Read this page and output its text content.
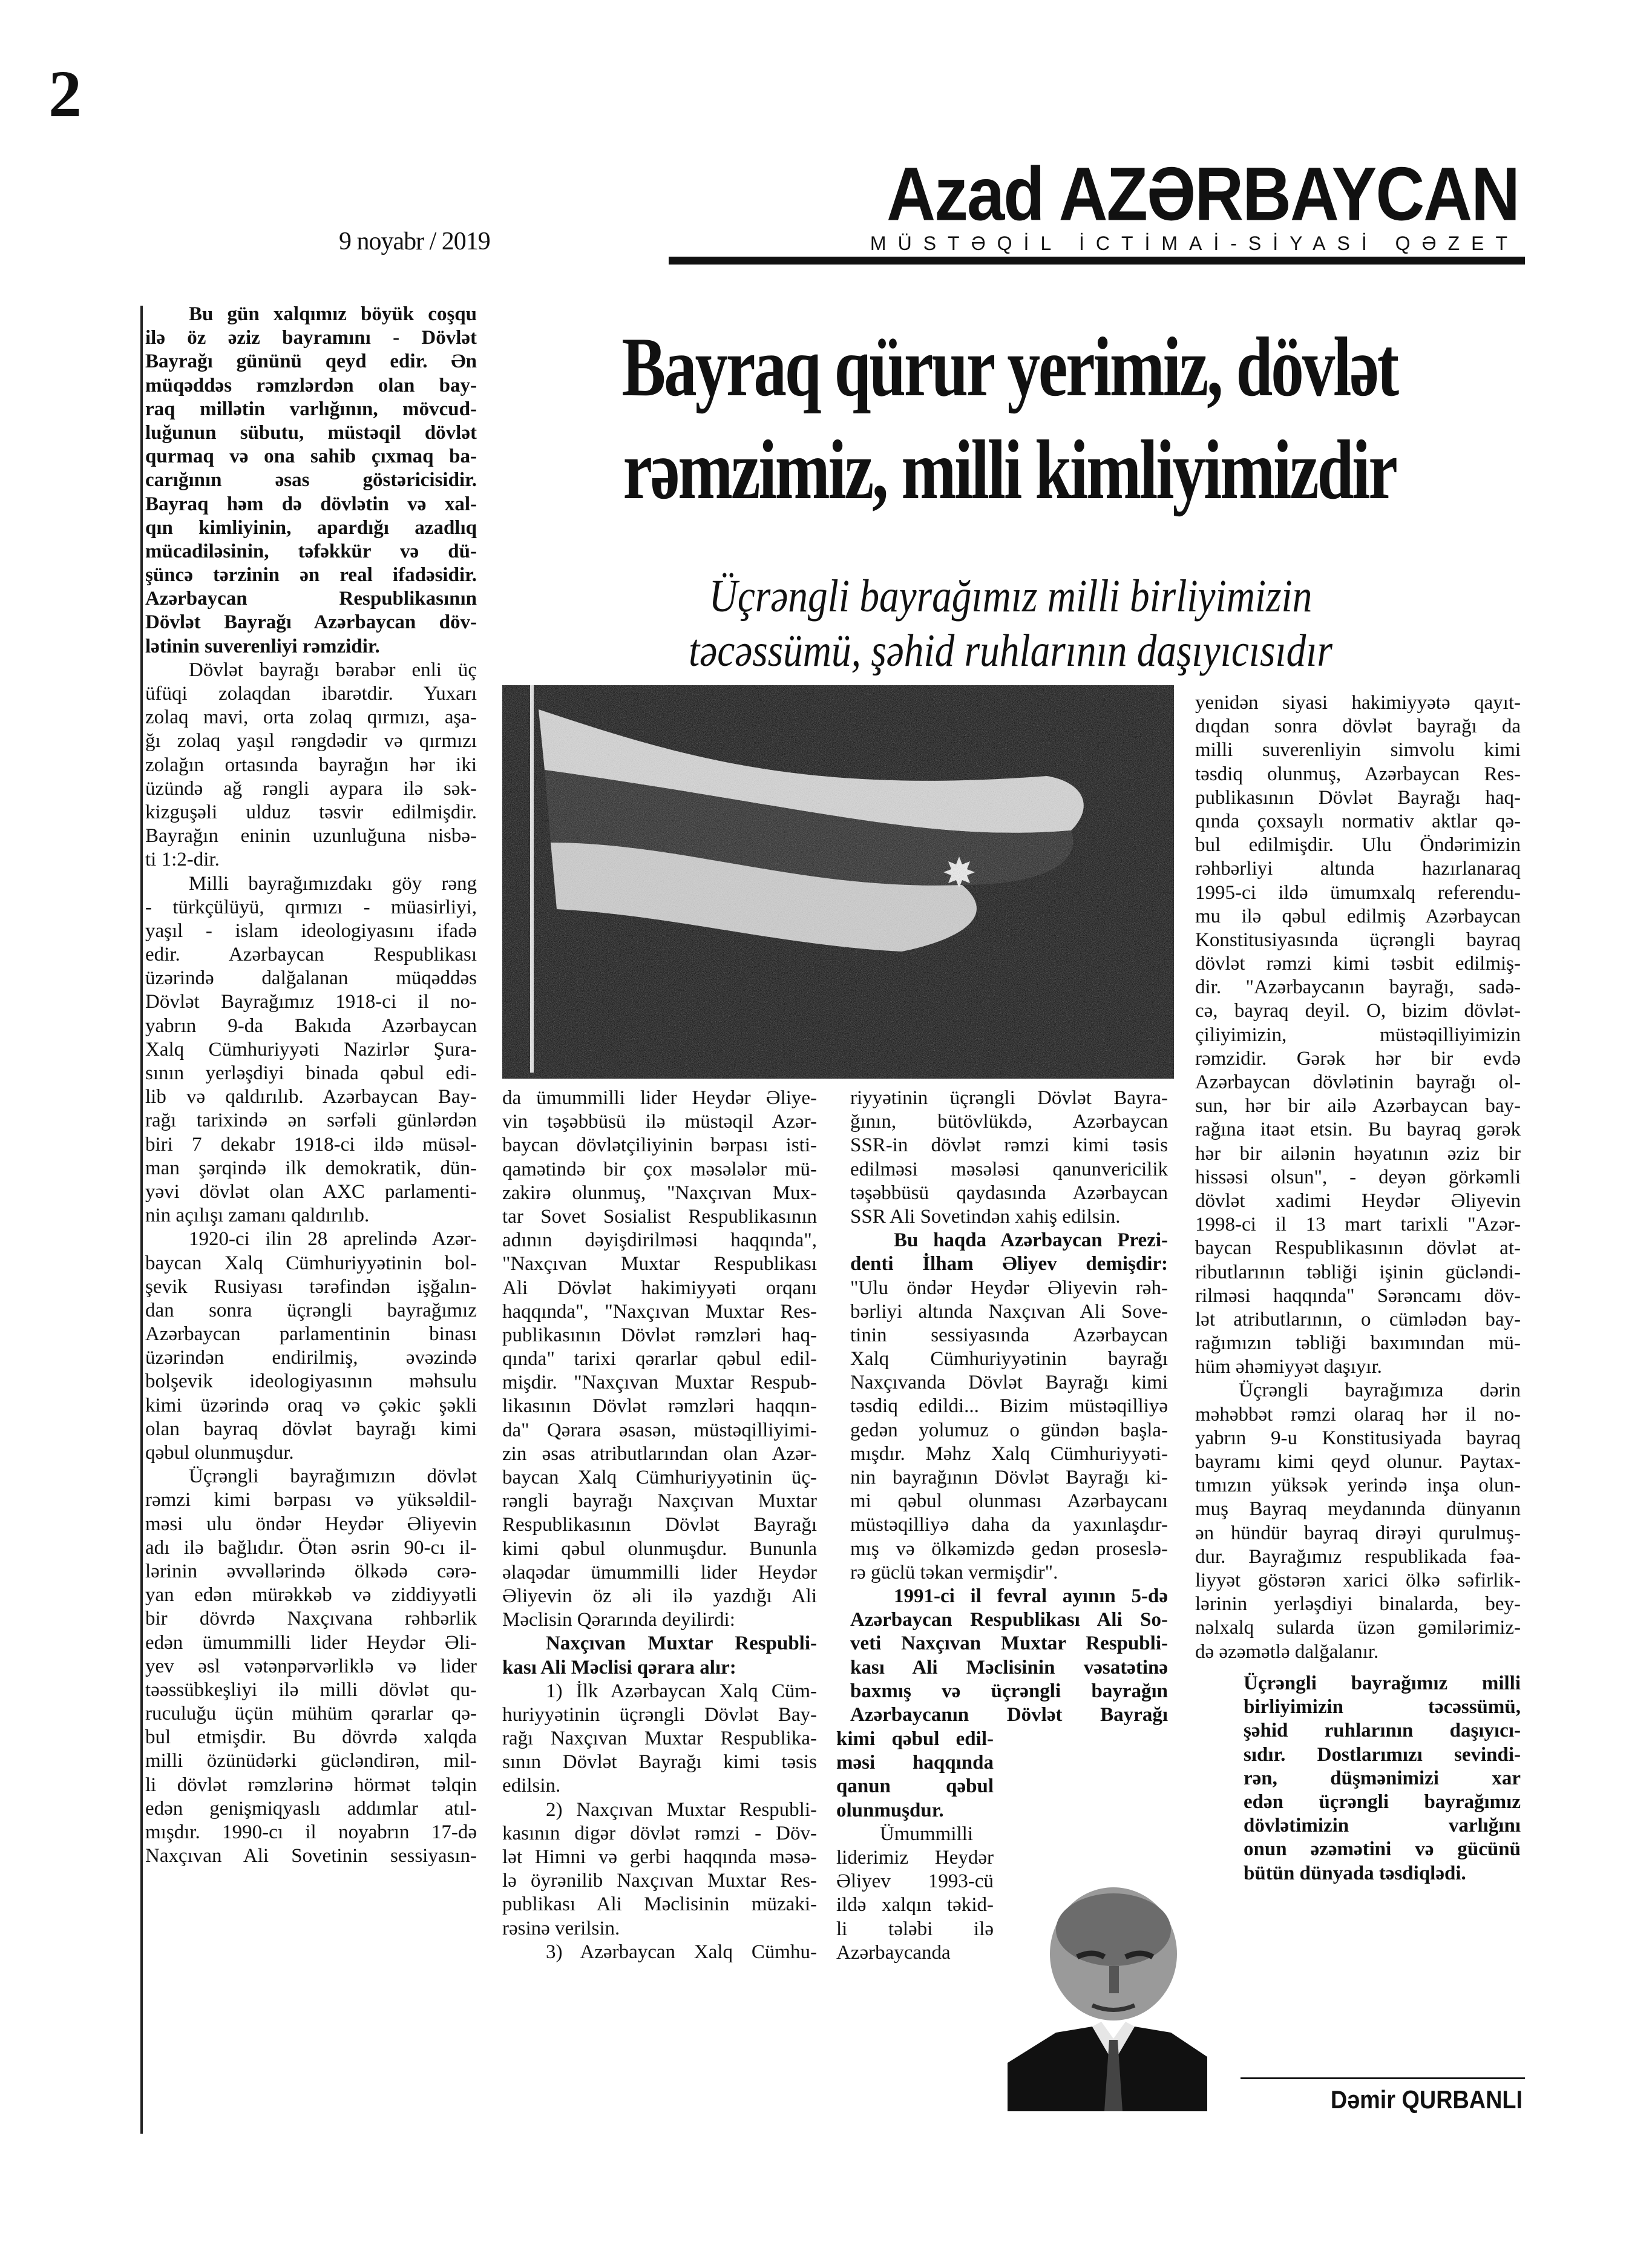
2
Azad AZƏRBAYCAN
MÜSTƏQİL İCTİMAİ-SİYASİ QƏZET
9 noyabr / 2019
Bu gün xalqımız böyük coşqu
ilə öz əziz bayramını - Dövlət
Bayrağı gününü qeyd edir. Ən
müqəddəs rəmzlərdən olan bay-
raq millətin varlığının, mövcud-
luğunun sübutu, müstəqil dövlət
qurmaq və ona sahib çıxmaq ba-
carığının əsas göstəricisidir.
Bayraq həm də dövlətin və xal-
qın kimliyinin, apardığı azadlıq
mücadiləsinin, təfəkkür və dü-
şüncə tərzinin ən real ifadəsidir.
Azərbaycan Respublikasının
Dövlət Bayrağı Azərbaycan döv-
lətinin suverenliyi rəmzidir.
Dövlət bayrağı bərabər enli üç
üfüqi zolaqdan ibarətdir. Yuxarı
zolaq mavi, orta zolaq qırmızı, aşa-
ğı zolaq yaşıl rəngdədir və qırmızı
zolağın ortasında bayrağın hər iki
üzündə ağ rəngli aypara ilə sək-
kizguşəli ulduz təsvir edilmişdir.
Bayrağın eninin uzunluğuna nisbə-
ti 1:2-dir.
Milli bayrağımızdakı göy rəng
- türkçülüyü, qırmızı - müasirliyi,
yaşıl - islam ideologiyasını ifadə
edir. Azərbaycan Respublikası
üzərində dalğalanan müqəddəs
Dövlət Bayrağımız 1918-ci il no-
yabrın 9-da Bakıda Azərbaycan
Xalq Cümhuriyyəti Nazirlər Şura-
sının yerləşdiyi binada qəbul edi-
lib və qaldırılıb. Azərbaycan Bay-
rağı tarixində ən sərfəli günlərdən
biri 7 dekabr 1918-ci ildə müsəl-
man şərqində ilk demokratik, dün-
yəvi dövlət olan AXC parlamenti-
nin açılışı zamanı qaldırılıb.
1920-ci ilin 28 aprelində Azər-
baycan Xalq Cümhuriyyətinin bol-
şevik Rusiyası tərəfindən işğalın-
dan sonra üçrəngli bayrağımız
Azərbaycan parlamentinin binası
üzərindən endirilmiş, əvəzində
bolşevik ideologiyasının məhsulu
kimi üzərində oraq və çəkic şəkli
olan bayraq dövlət bayrağı kimi
qəbul olunmuşdur.
Üçrəngli bayrağımızın dövlət
rəmzi kimi bərpası və yüksəldil-
məsi ulu öndər Heydər Əliyevin
adı ilə bağlıdır. Ötən əsrin 90-cı il-
lərinin əvvəllərində ölkədə cərə-
yan edən mürəkkəb və ziddiyyətli
bir dövrdə Naxçıvana rəhbərlik
edən ümummilli lider Heydər Əli-
yev əsl vətənpərvərliklə və lider
təəssübkeşliyi ilə milli dövlət qu-
ruculuğu üçün mühüm qərarlar qə-
bul etmişdir. Bu dövrdə xalqda
milli özünüdərki gücləndirən, mil-
li dövlət rəmzlərinə hörmət təlqin
edən genişmiqyaslı addımlar atıl-
mışdır. 1990-cı il noyabrın 17-də
Naxçıvan Ali Sovetinin sessiyasın-
Bayraq qürur yerimiz, dövlət
rəmzimiz, milli kimliyimizdir
Üçrəngli bayrağımız milli birliyimizin
təcəssümü, şəhid ruhlarının daşıyıcısıdır
da ümummilli lider Heydər Əliye-
vin təşəbbüsü ilə müstəqil Azər-
baycan dövlətçiliyinin bərpası isti-
qamətində bir çox məsələlər mü-
zakirə olunmuş, "Naxçıvan Mux-
tar Sovet Sosialist Respublikasının
adının dəyişdirilməsi haqqında",
"Naxçıvan Muxtar Respublikası
Ali Dövlət hakimiyyəti orqanı
haqqında", "Naxçıvan Muxtar Res-
publikasının Dövlət rəmzləri haq-
qında" tarixi qərarlar qəbul edil-
mişdir. "Naxçıvan Muxtar Respub-
likasının Dövlət rəmzləri haqqın-
da" Qərara əsasən, müstəqilliyimi-
zin əsas atributlarından olan Azər-
baycan Xalq Cümhuriyyətinin üç-
rəngli bayrağı Naxçıvan Muxtar
Respublikasının Dövlət Bayrağı
kimi qəbul olunmuşdur. Bununla
əlaqədar ümummilli lider Heydər
Əliyevin öz əli ilə yazdığı Ali
Məclisin Qərarında deyilirdi:
Naxçıvan Muxtar Respubli-
kası Ali Məclisi qərara alır:
1) İlk Azərbaycan Xalq Cüm-
huriyyətinin üçrəngli Dövlət Bay-
rağı Naxçıvan Muxtar Respublika-
sının Dövlət Bayrağı kimi təsis
edilsin.
2) Naxçıvan Muxtar Respubli-
kasının digər dövlət rəmzi - Döv-
lət Himni və gerbi haqqında məsə-
lə öyrənilib Naxçıvan Muxtar Res-
publikası Ali Məclisinin müzaki-
rəsinə verilsin.
3) Azərbaycan Xalq Cümhu-
riyyətinin üçrəngli Dövlət Bayra-
ğının, bütövlükdə, Azərbaycan
SSR-in dövlət rəmzi kimi təsis
edilməsi məsələsi qanunvericilik
təşəbbüsü qaydasında Azərbaycan
SSR Ali Sovetindən xahiş edilsin.
Bu haqda Azərbaycan Prezi-
denti İlham Əliyev demişdir:
"Ulu öndər Heydər Əliyevin rəh-
bərliyi altında Naxçıvan Ali Sove-
tinin sessiyasında Azərbaycan
Xalq Cümhuriyyətinin bayrağı
Naxçıvanda Dövlət Bayrağı kimi
təsdiq edildi... Bizim müstəqilliyə
gedən yolumuz o gündən başla-
mışdır. Məhz Xalq Cümhuriyyəti-
nin bayrağının Dövlət Bayrağı ki-
mi qəbul olunması Azərbaycanı
müstəqilliyə daha da yaxınlaşdır-
mış və ölkəmizdə gedən proseslə-
rə güclü təkan vermişdir".
1991-ci il fevral ayının 5-də
Azərbaycan Respublikası Ali So-
veti Naxçıvan Muxtar Respubli-
kası Ali Məclisinin vəsatətinə
baxmış və üçrəngli bayrağın
Azərbaycanın Dövlət Bayrağı
kimi qəbul edil-
məsi haqqında
qanun qəbul
olunmuşdur.
Ümummilli
liderimiz Heydər
Əliyev 1993-cü
ildə xalqın təkid-
li tələbi ilə
Azərbaycanda
yenidən siyasi hakimiyyətə qayıt-
dıqdan sonra dövlət bayrağı da
milli suverenliyin simvolu kimi
təsdiq olunmuş, Azərbaycan Res-
publikasının Dövlət Bayrağı haq-
qında çoxsaylı normativ aktlar qə-
bul edilmişdir. Ulu Öndərimizin
rəhbərliyi altında hazırlanaraq
1995-ci ildə ümumxalq referendu-
mu ilə qəbul edilmiş Azərbaycan
Konstitusiyasında üçrəngli bayraq
dövlət rəmzi kimi təsbit edilmiş-
dir. "Azərbaycanın bayrağı, sadə-
cə, bayraq deyil. O, bizim dövlət-
çiliyimizin, müstəqilliyimizin
rəmzidir. Gərək hər bir evdə
Azərbaycan dövlətinin bayrağı ol-
sun, hər bir ailə Azərbaycan bay-
rağına itaət etsin. Bu bayraq gərək
hər bir ailənin həyatının əziz bir
hissəsi olsun", - deyən görkəmli
dövlət xadimi Heydər Əliyevin
1998-ci il 13 mart tarixli "Azər-
baycan Respublikasının dövlət at-
ributlarının təbliği işinin gücləndi-
rilməsi haqqında" Sərəncamı döv-
lət atributlarının, o cümlədən bay-
rağımızın təbliği baxımından mü-
hüm əhəmiyyət daşıyır.
Üçrəngli bayrağımıza dərin
məhəbbət rəmzi olaraq hər il no-
yabrın 9-u Konstitusiyada bayraq
bayramı kimi qeyd olunur. Paytax-
tımızın yüksək yerində inşa olun-
muş Bayraq meydanında dünyanın
ən hündür bayraq dirəyi qurulmuş-
dur. Bayrağımız respublikada fəa-
liyyət göstərən xarici ölkə səfirlik-
lərinin yerləşdiyi binalarda, bey-
nəlxalq sularda üzən gəmilərimiz-
də əzəmətlə dalğalanır.
Üçrəngli bayrağımız milli
birliyimizin təcəssümü,
şəhid ruhlarının daşıyıcı-
sıdır. Dostlarımızı sevindi-
rən, düşmənimizi xar
edən üçrəngli bayrağımız
dövlətimizin varlığını
onun əzəmətini və gücünü
bütün dünyada təsdiqlədi.
Dəmir QURBANLI
